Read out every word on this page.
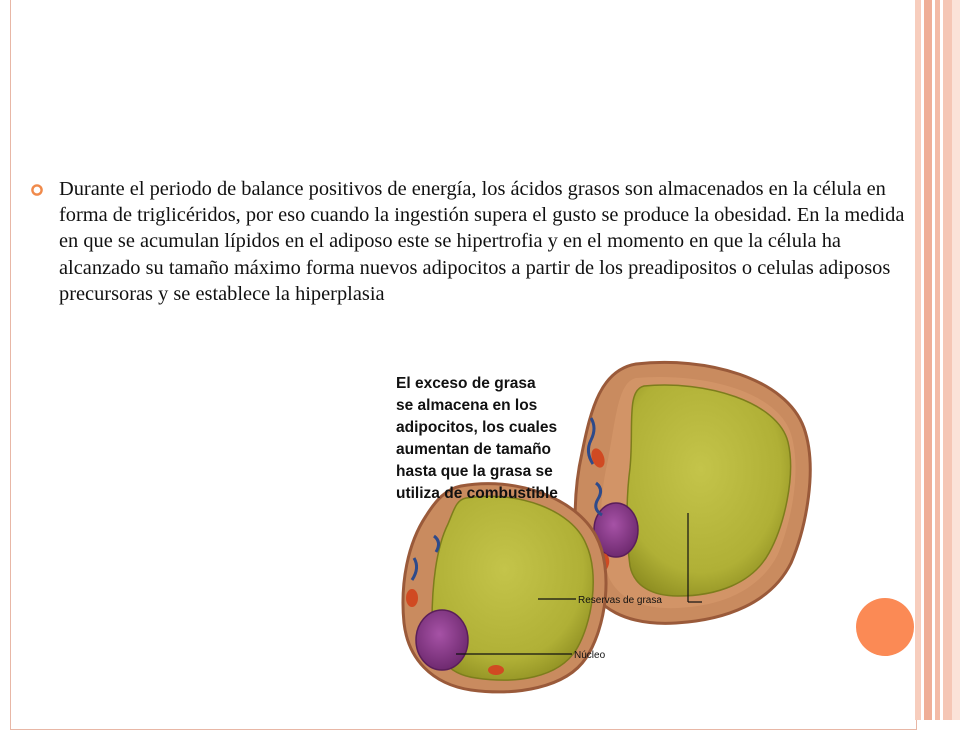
Durante el periodo de balance positivos de energía, los ácidos grasos son almacenados en la célula en forma de triglicéridos, por eso cuando la ingestión supera el gusto se produce la obesidad. En la medida en que se acumulan lípidos en el adiposo este se hipertrofia y en el momento en que la célula ha alcanzado su tamaño máximo forma nuevos adipocitos a partir de los preadipositos o celulas adiposos precursoras y se establece la hiperplasia

El exceso de grasa
se almacena en los
adipocitos, los cuales
aumentan de tamaño
hasta que la grasa se
utiliza de combustible
Reservas de grasa
Núcleo
